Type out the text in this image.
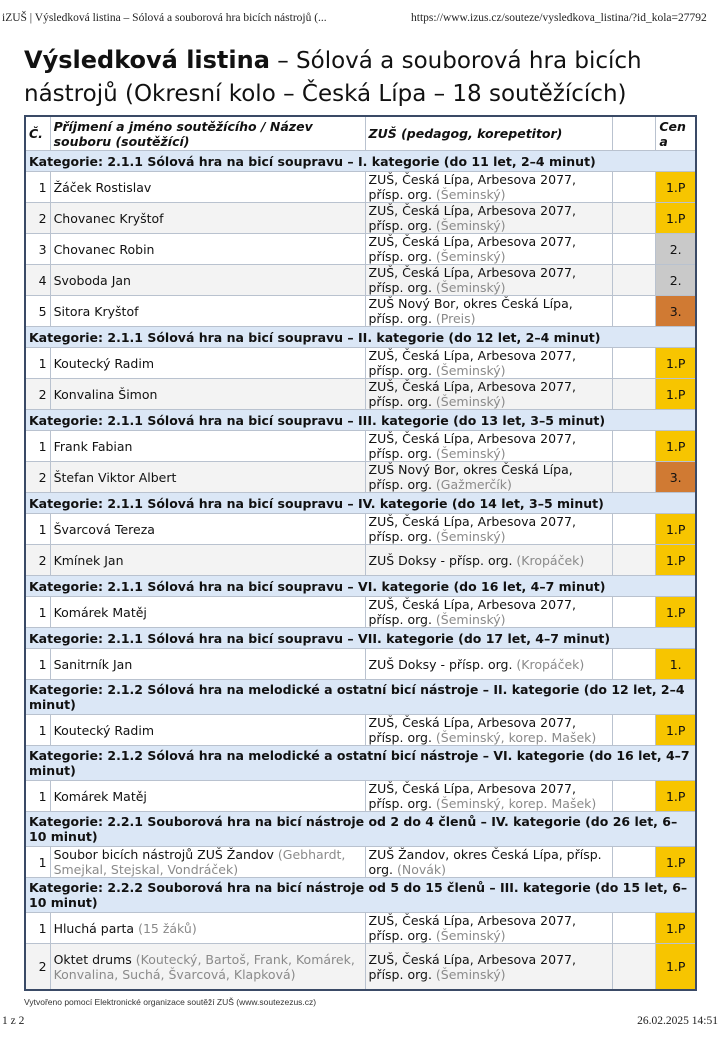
iZUŠ | Výsledková listina – Sólová a souborová hra bicích nástrojů (...	https://www.izus.cz/souteze/vysledkova_listina/?id_kola=27792
Výsledková listina – Sólová a souborová hra bicích nástrojů (Okresní kolo – Česká Lípa – 18 soutěžících)
Č.	Příjmení a jméno soutěžícího / Název souboru (soutěžící)	ZUŠ (pedagog, korepetitor)		Cena
Kategorie: 2.1.1 Sólová hra na bicí soupravu – I. kategorie (do 11 let, 2–4 minut)				
1	Žáček Rostislav	ZUŠ, Česká Lípa, Arbesova 2077, přísp. org. (Šeminský)		1.P
2	Chovanec Kryštof	ZUŠ, Česká Lípa, Arbesova 2077, přísp. org. (Šeminský)		1.P
3	Chovanec Robin	ZUŠ, Česká Lípa, Arbesova 2077, přísp. org. (Šeminský)		2.
4	Svoboda Jan	ZUŠ, Česká Lípa, Arbesova 2077, přísp. org. (Šeminský)		2.
5	Sitora Kryštof	ZUŠ Nový Bor, okres Česká Lípa, přísp. org. (Preis)		3.
Kategorie: 2.1.1 Sólová hra na bicí soupravu – II. kategorie (do 12 let, 2–4 minut)				
1	Koutecký Radim	ZUŠ, Česká Lípa, Arbesova 2077, přísp. org. (Šeminský)		1.P
2	Konvalina Šimon	ZUŠ, Česká Lípa, Arbesova 2077, přísp. org. (Šeminský)		1.P
Kategorie: 2.1.1 Sólová hra na bicí soupravu – III. kategorie (do 13 let, 3–5 minut)				
1	Frank Fabian	ZUŠ, Česká Lípa, Arbesova 2077, přísp. org. (Šeminský)		1.P
2	Štefan Viktor Albert	ZUŠ Nový Bor, okres Česká Lípa, přísp. org. (Gažmerčík)		3.
Kategorie: 2.1.1 Sólová hra na bicí soupravu – IV. kategorie (do 14 let, 3–5 minut)				
1	Švarcová Tereza	ZUŠ, Česká Lípa, Arbesova 2077, přísp. org. (Šeminský)		1.P
2	Kmínek Jan	ZUŠ Doksy - přísp. org. (Kropáček)		1.P
Kategorie: 2.1.1 Sólová hra na bicí soupravu – VI. kategorie (do 16 let, 4–7 minut)				
1	Komárek Matěj	ZUŠ, Česká Lípa, Arbesova 2077, přísp. org. (Šeminský)		1.P
Kategorie: 2.1.1 Sólová hra na bicí soupravu – VII. kategorie (do 17 let, 4–7 minut)				
1	Sanitrník Jan	ZUŠ Doksy - přísp. org. (Kropáček)		1.
Kategorie: 2.1.2 Sólová hra na melodické a ostatní bicí nástroje – II. kategorie (do 12 let, 2–4 minut)				
1	Koutecký Radim	ZUŠ, Česká Lípa, Arbesova 2077, přísp. org. (Šeminský, korep. Mašek)		1.P
Kategorie: 2.1.2 Sólová hra na melodické a ostatní bicí nástroje – VI. kategorie (do 16 let, 4–7 minut)				
1	Komárek Matěj	ZUŠ, Česká Lípa, Arbesova 2077, přísp. org. (Šeminský, korep. Mašek)		1.P
Kategorie: 2.2.1 Souborová hra na bicí nástroje od 2 do 4 členů – IV. kategorie (do 26 let, 6–10 minut)				
1	Soubor bicích nástrojů ZUŠ Žandov (Gebhardt, Smejkal, Stejskal, Vondráček)	ZUŠ Žandov, okres Česká Lípa, přísp. org. (Novák)		1.P
Kategorie: 2.2.2 Souborová hra na bicí nástroje od 5 do 15 členů – III. kategorie (do 15 let, 6–10 minut)				
1	Hluchá parta (15 žáků)	ZUŠ, Česká Lípa, Arbesova 2077, přísp. org. (Šeminský)		1.P
2	Oktet drums (Koutecký, Bartoš, Frank, Komárek, Konvalina, Suchá, Švarcová, Klapková)	ZUŠ, Česká Lípa, Arbesova 2077, přísp. org. (Šeminský)		1.P
Vytvořeno pomocí Elektronické organizace soutěží ZUŠ (www.soutezezus.cz)
1 z 2	26.02.2025 14:51
